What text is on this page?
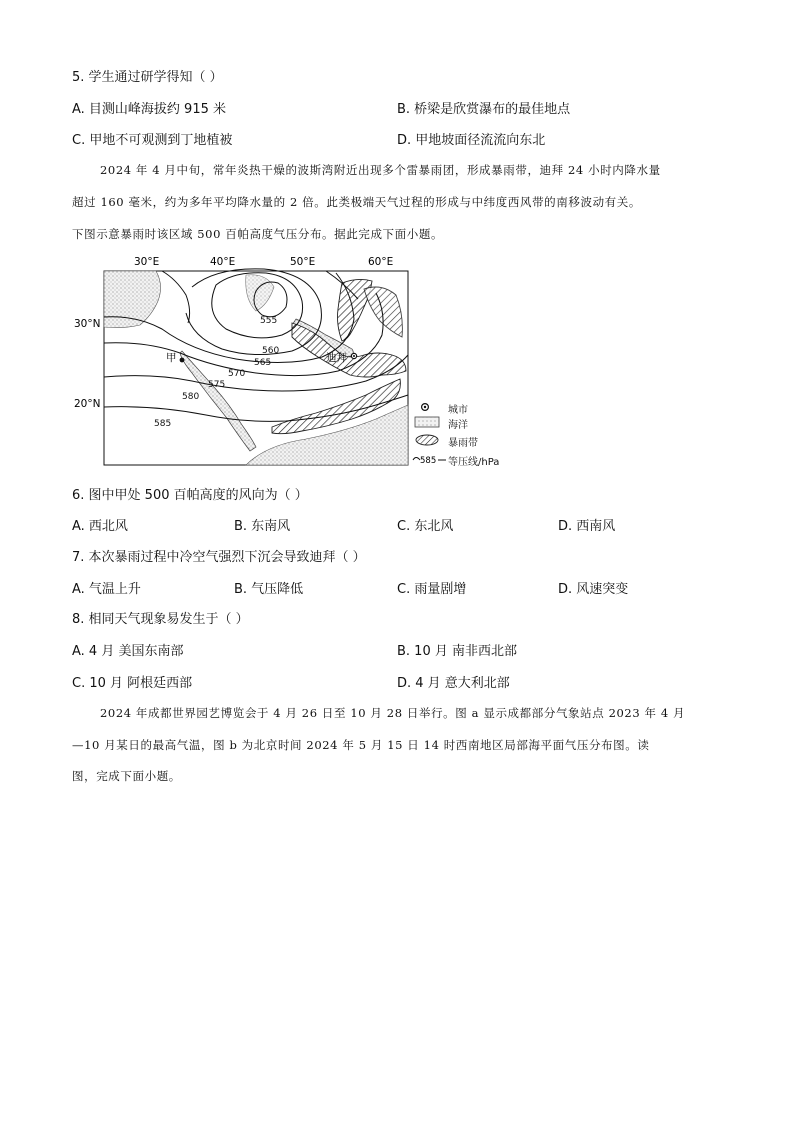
5. 学生通过研学得知（ ）
A. 目测山峰海拔约 915 米	B. 桥梁是欣赏瀑布的最佳地点
C. 甲地不可观测到丁地植被	D. 甲地坡面径流流向东北
2024 年 4 月中旬，常年炎热干燥的波斯湾附近出现多个雷暴雨团，形成暴雨带，迪拜 24 小时内降水量
超过 160 毫米，约为多年平均降水量的 2 倍。此类极端天气过程的形成与中纬度西风带的南移波动有关。
下图示意暴雨时该区域 500 百帕高度气压分布。据此完成下面小题。
30°E	40°E	50°E	60°E
555
560
565
570
575
580
585
30°N
20°N
甲	迪拜
城市
海洋
暴雨带
585 等压线/hPa
6. 图中甲处 500 百帕高度的风向为（ ）
A. 西北风	B. 东南风	C. 东北风	D. 西南风
7. 本次暴雨过程中冷空气强烈下沉会导致迪拜（ ）
A. 气温上升	B. 气压降低	C. 雨量剧增	D. 风速突变
8. 相同天气现象易发生于（ ）
A. 4 月 美国东南部	B. 10 月 南非西北部
C. 10 月 阿根廷西部	D. 4 月 意大利北部
2024 年成都世界园艺博览会于 4 月 26 日至 10 月 28 日举行。图 a 显示成都部分气象站点 2023 年 4 月
—10 月某日的最高气温，图 b 为北京时间 2024 年 5 月 15 日 14 时西南地区局部海平面气压分布图。读
图，完成下面小题。
